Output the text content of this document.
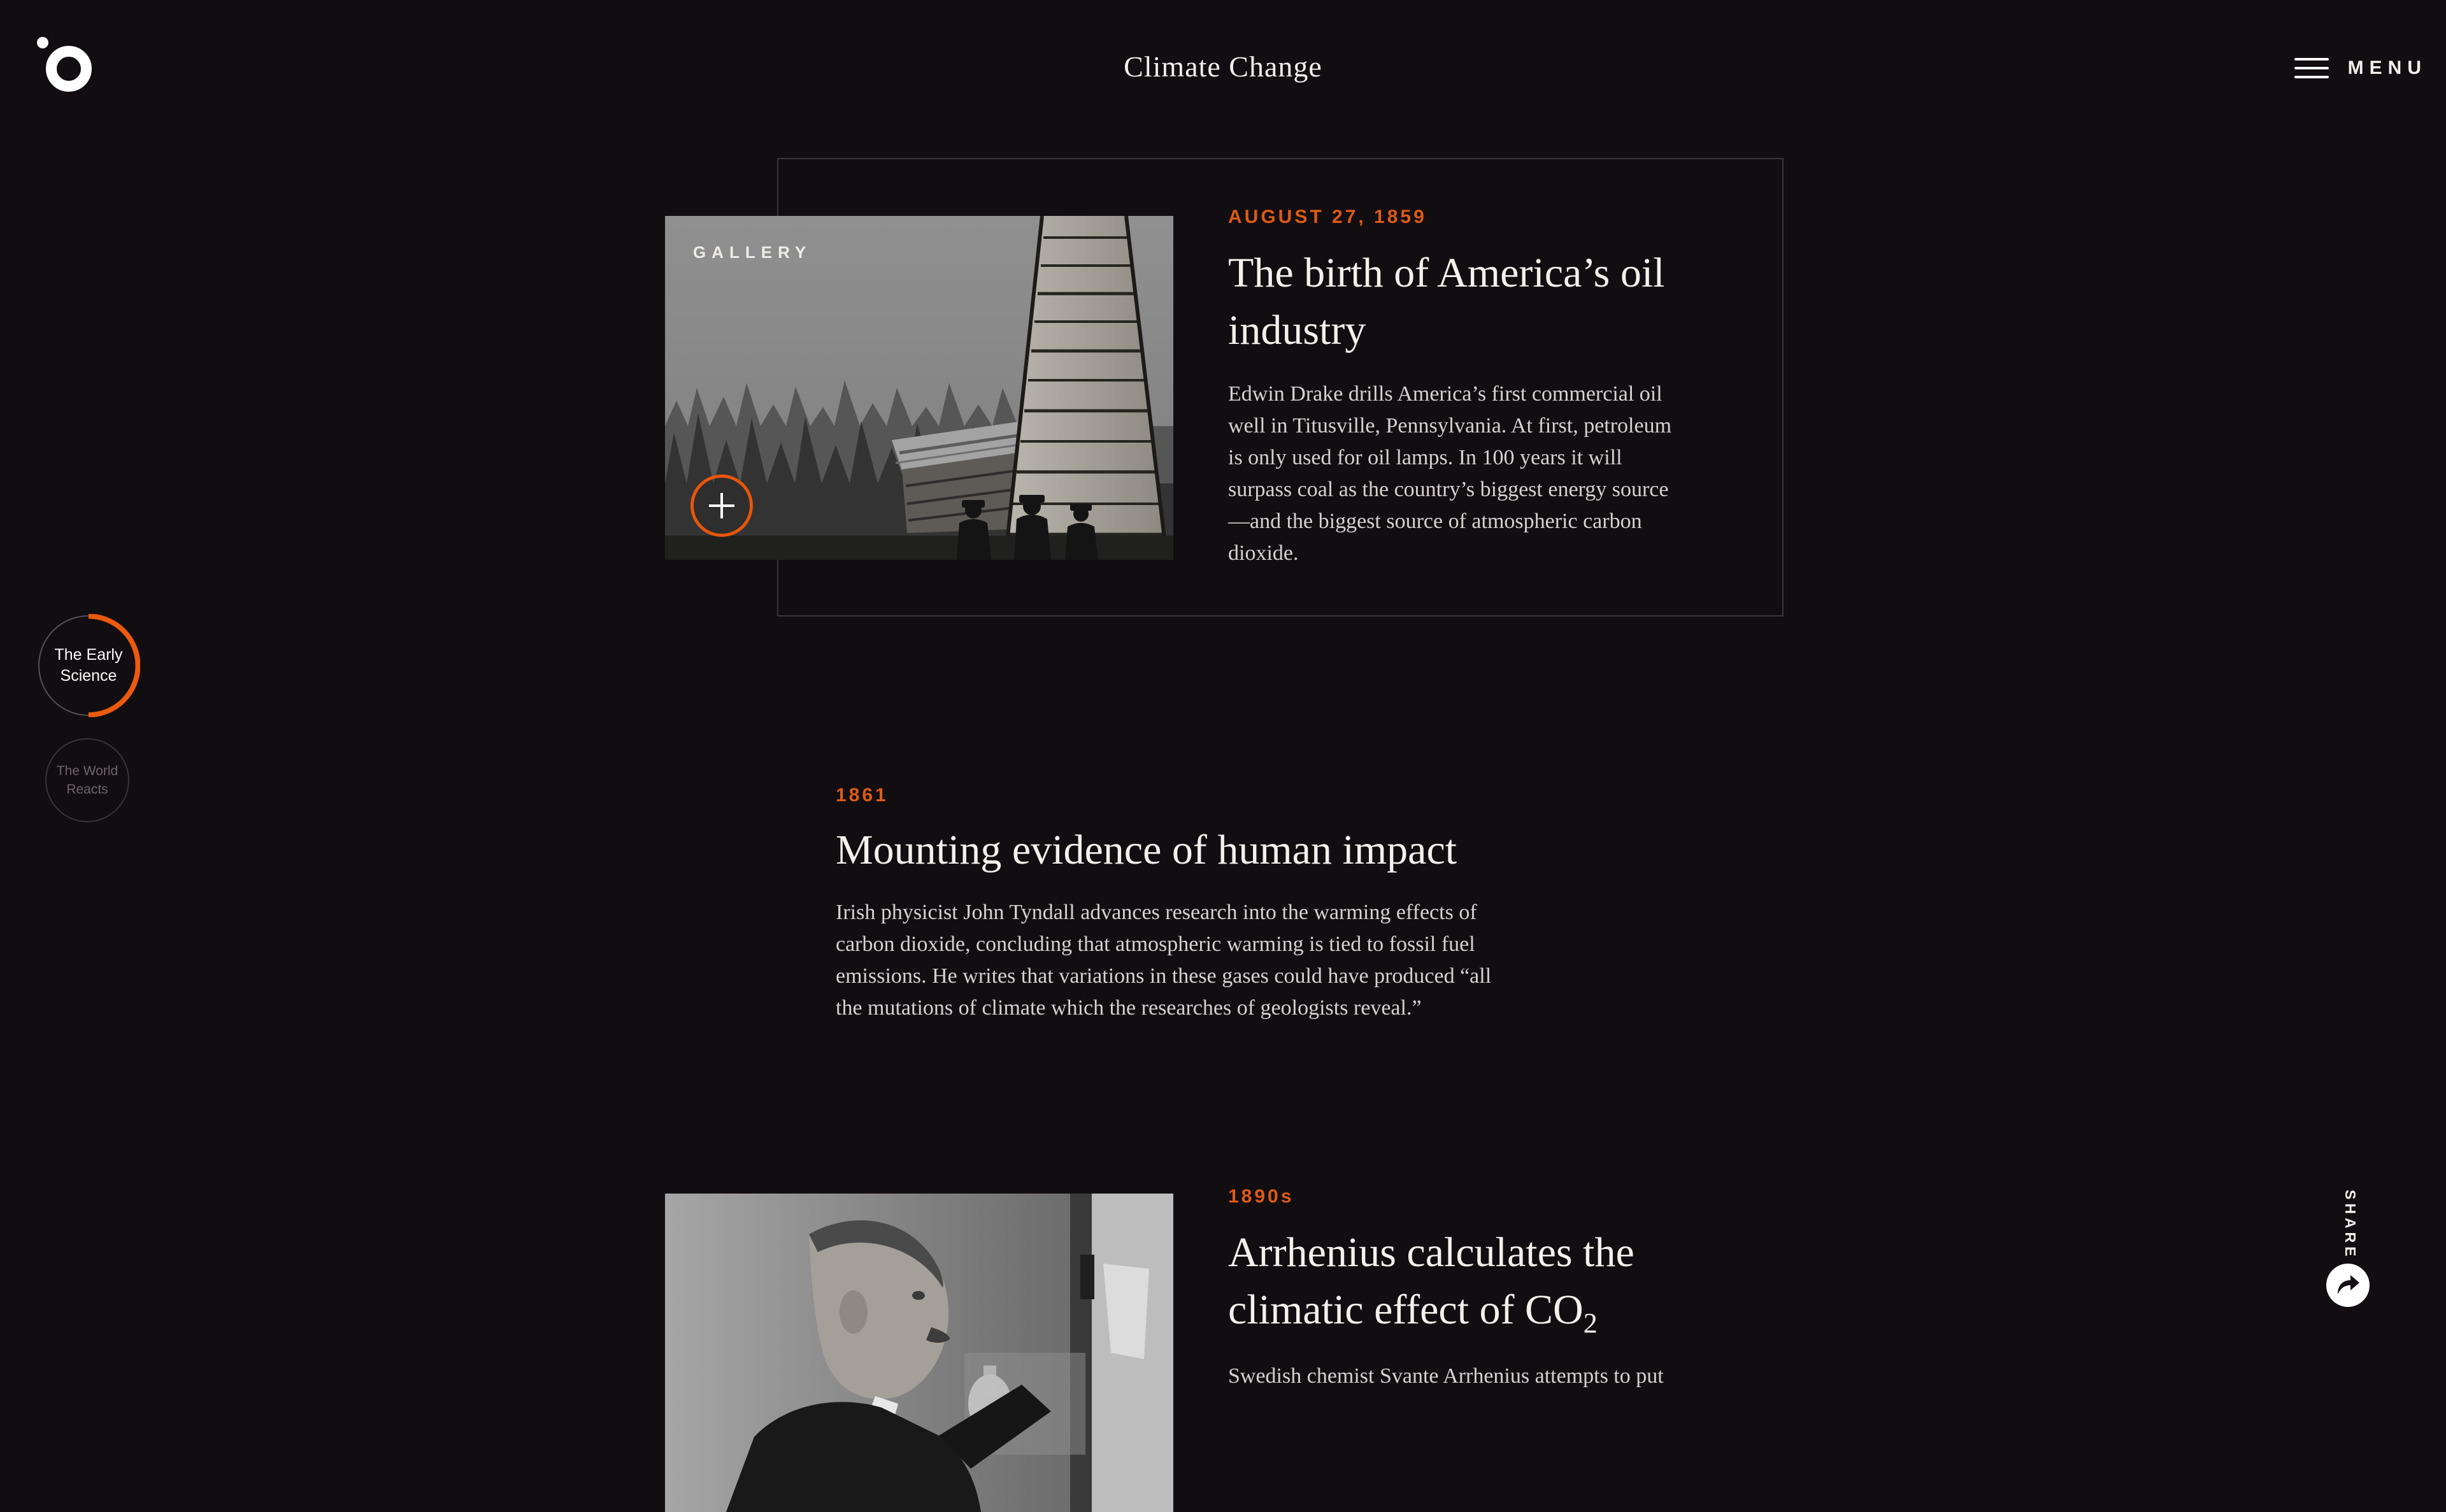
Climate Change	MENU
GALLERY
AUGUST 27, 1859
The birth of America’s oil
industry
Edwin Drake drills America’s first commercial oil well in Titusville, Pennsylvania. At first, petroleum is only used for oil lamps. In 100 years it will surpass coal as the country’s biggest energy source—and the biggest source of atmospheric carbon dioxide.
The Early
Science
The World
Reacts	1861
Mounting evidence of human impact
Irish physicist John Tyndall advances research into the warming effects of carbon dioxide, concluding that atmospheric warming is tied to fossil fuel emissions. He writes that variations in these gases could have produced “all the mutations of climate which the researches of geologists reveal.”
1890s
Arrhenius calculates the
climatic effect of $CO_2$
Swedish chemist Svante Arrhenius attempts to put
SHARE
